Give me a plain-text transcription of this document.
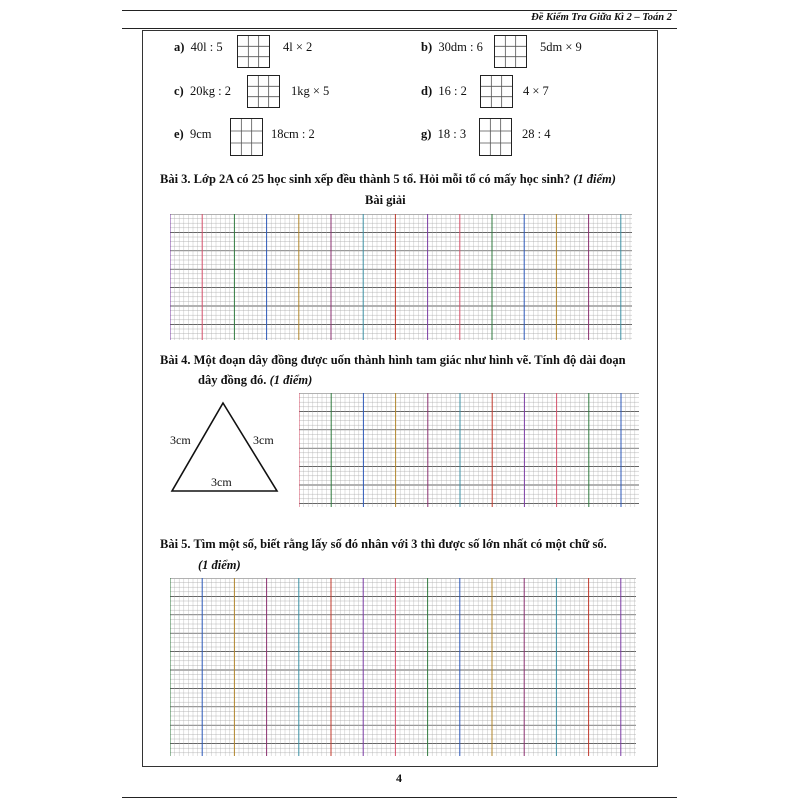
Đề Kiểm Tra Giữa Kì 2 – Toán 2
a) 40l : 5	4l × 2	b) 30dm : 6	5dm × 9
c) 20kg : 2	1kg × 5	d) 16 : 2	4 × 7
e) 9cm	18cm : 2	g) 18 : 3	28 : 4
Bài 3. Lớp 2A có 25 học sinh xếp đều thành 5 tổ. Hỏi mỗi tổ có mấy học sinh? (1 điểm)
Bài giải
Bài 4. Một đoạn dây đồng được uốn thành hình tam giác như hình vẽ. Tính độ dài đoạn
dây đồng đó. (1 điểm)
3cm	3cm
3cm
Bài 5. Tìm một số, biết rằng lấy số đó nhân với 3 thì được số lớn nhất có một chữ số.
(1 điểm)
4
